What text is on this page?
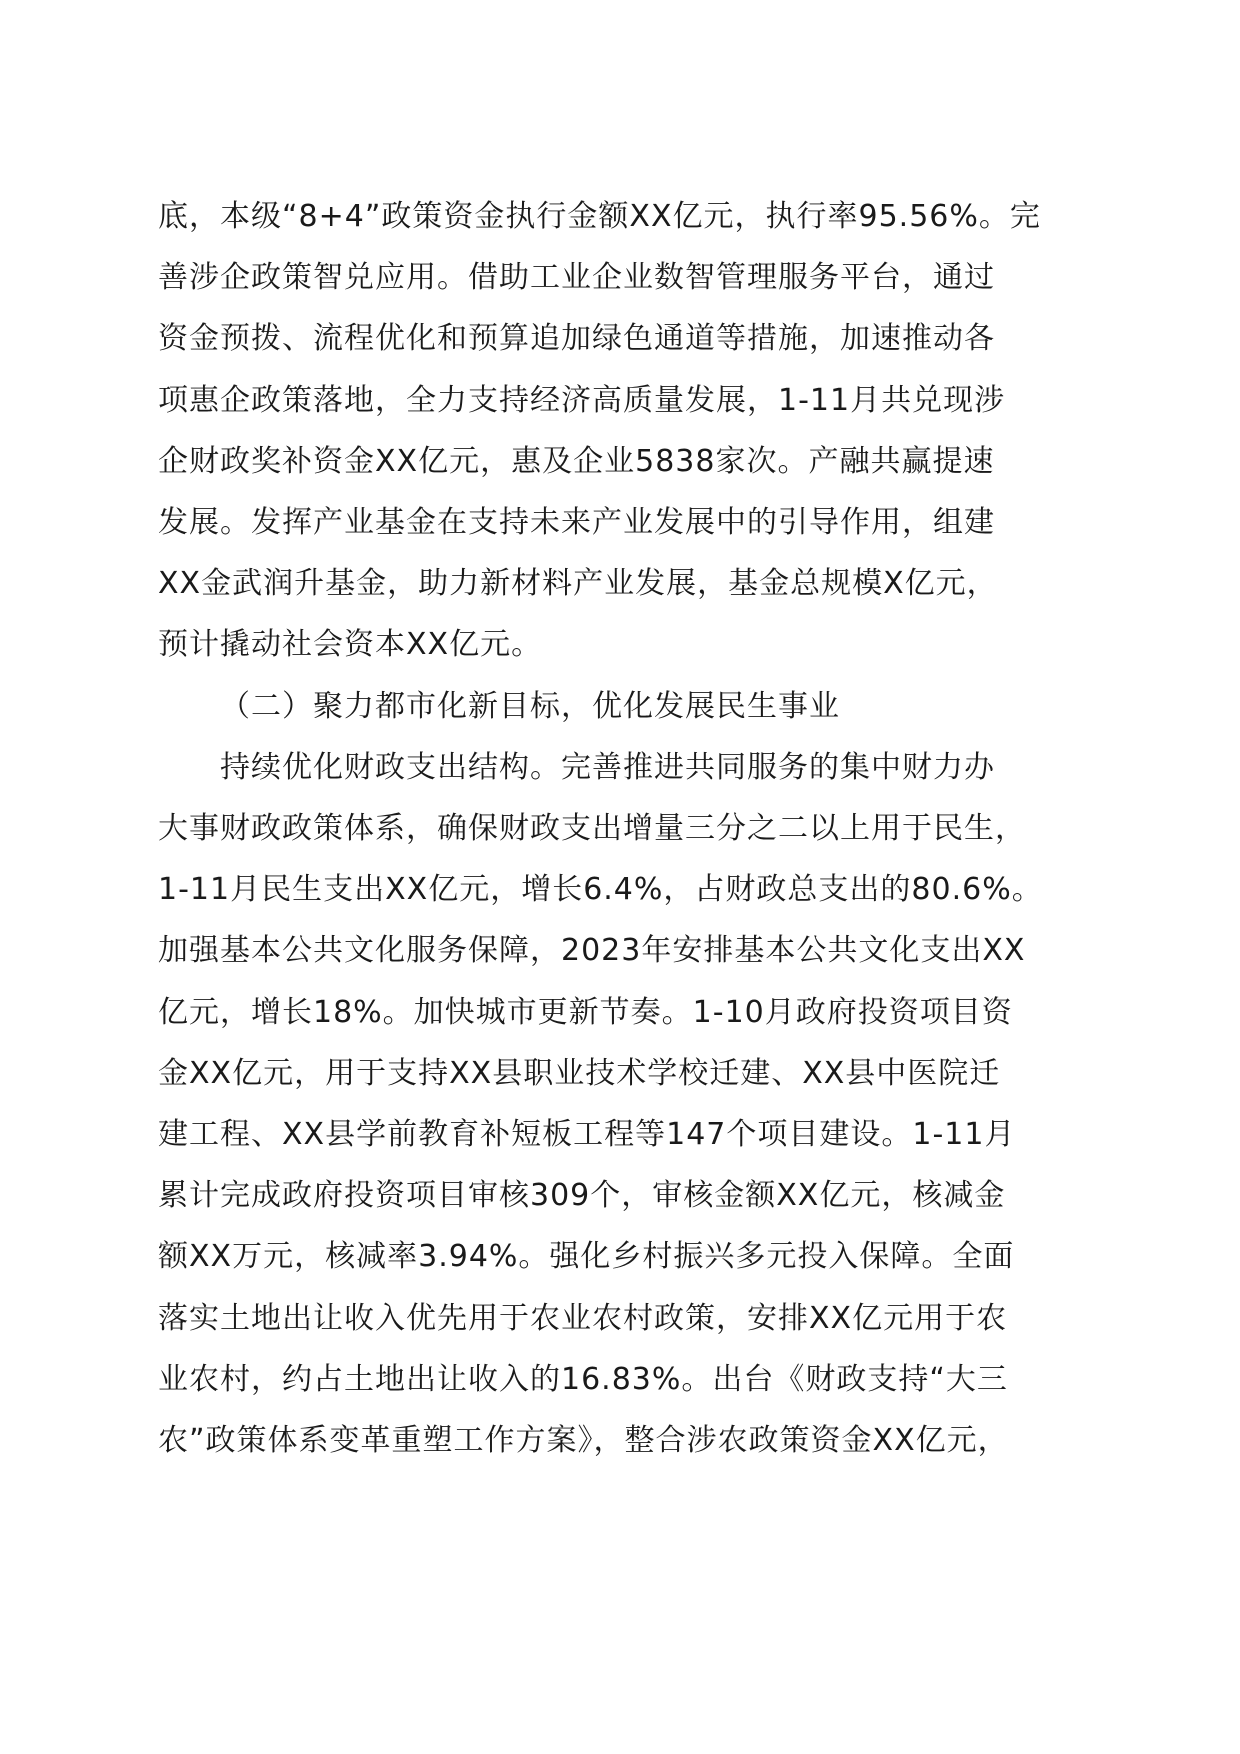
底，本级“8+4”政策资金执行金额XX亿元，执行率95.56%。完
善涉企政策智兑应用。借助工业企业数智管理服务平台，通过
资金预拨、流程优化和预算追加绿色通道等措施，加速推动各
项惠企政策落地，全力支持经济高质量发展，1-11月共兑现涉
企财政奖补资金XX亿元，惠及企业5838家次。产融共赢提速
发展。发挥产业基金在支持未来产业发展中的引导作用，组建
XX金武润升基金，助力新材料产业发展，基金总规模X亿元，
预计撬动社会资本XX亿元。
（二）聚力都市化新目标，优化发展民生事业
持续优化财政支出结构。完善推进共同服务的集中财力办
大事财政政策体系，确保财政支出增量三分之二以上用于民生，
1-11月民生支出XX亿元，增长6.4%，占财政总支出的80.6%。
加强基本公共文化服务保障，2023年安排基本公共文化支出XX
亿元，增长18%。加快城市更新节奏。1-10月政府投资项目资
金XX亿元，用于支持XX县职业技术学校迁建、XX县中医院迁
建工程、XX县学前教育补短板工程等147个项目建设。1-11月
累计完成政府投资项目审核309个，审核金额XX亿元，核减金
额XX万元，核减率3.94%。强化乡村振兴多元投入保障。全面
落实土地出让收入优先用于农业农村政策，安排XX亿元用于农
业农村，约占土地出让收入的16.83%。出台《财政支持“大三
农”政策体系变革重塑工作方案》，整合涉农政策资金XX亿元，
